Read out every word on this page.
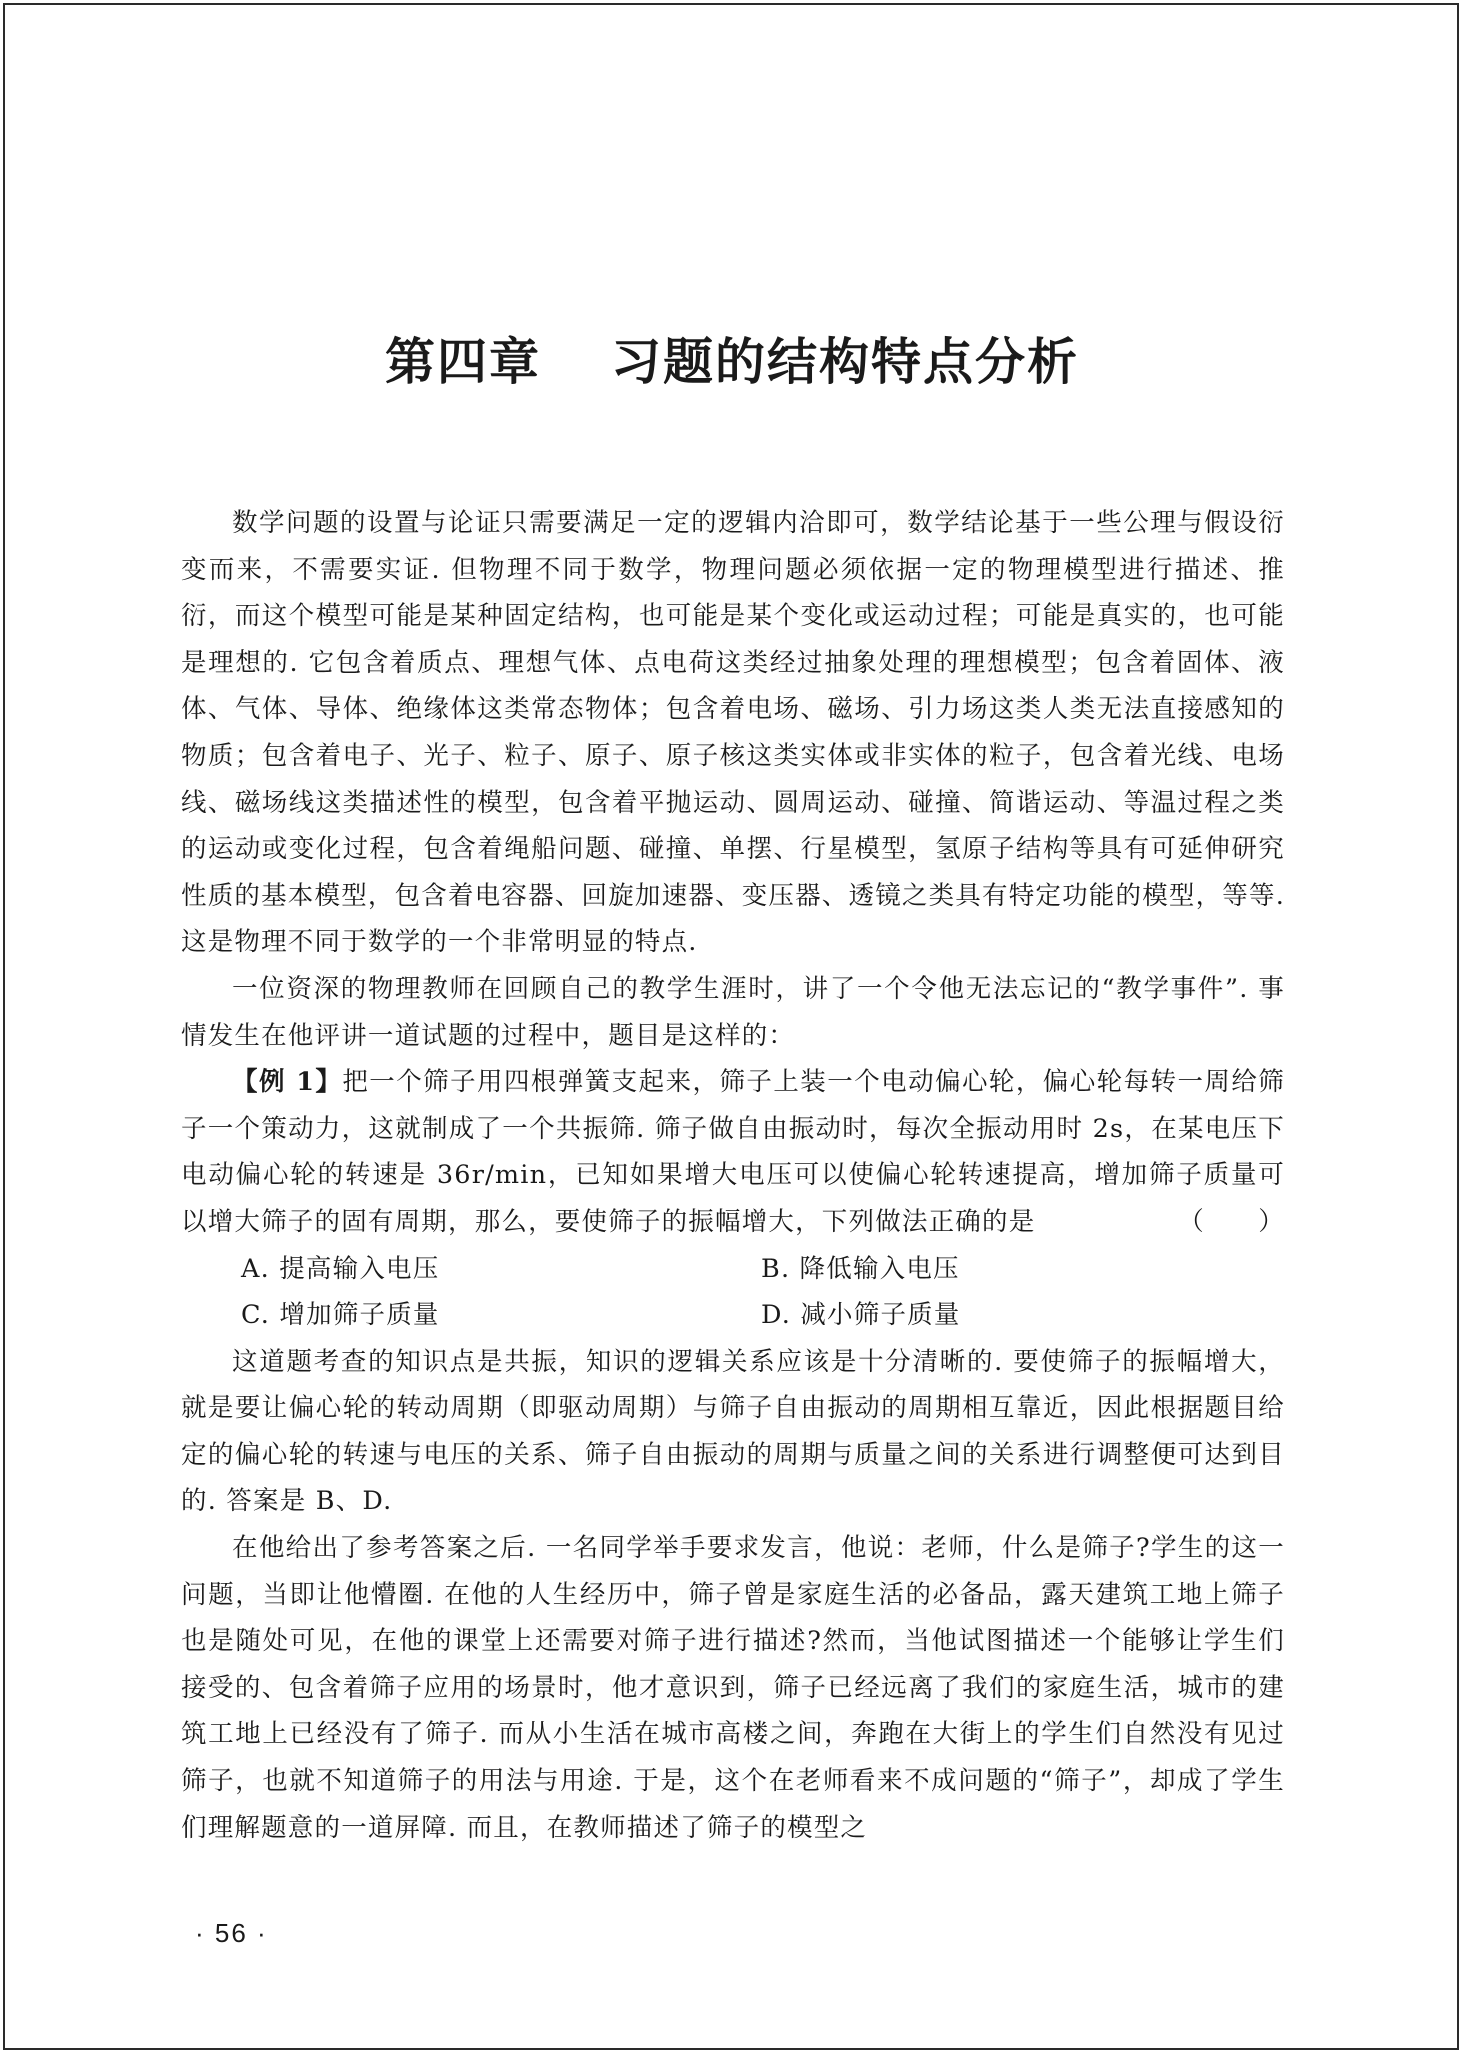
第四章 习题的结构特点分析

数学问题的设置与论证只需要满足一定的逻辑内洽即可，数学结论基于一些公理与假设衍变而来，不需要实证. 但物理不同于数学，物理问题必须依据一定的物理模型进行描述、推衍，而这个模型可能是某种固定结构，也可能是某个变化或运动过程；可能是真实的，也可能是理想的. 它包含着质点、理想气体、点电荷这类经过抽象处理的理想模型；包含着固体、液体、气体、导体、绝缘体这类常态物体；包含着电场、磁场、引力场这类人类无法直接感知的物质；包含着电子、光子、粒子、原子、原子核这类实体或非实体的粒子，包含着光线、电场线、磁场线这类描述性的模型，包含着平抛运动、圆周运动、碰撞、简谐运动、等温过程之类的运动或变化过程，包含着绳船问题、碰撞、单摆、行星模型，氢原子结构等具有可延伸研究性质的基本模型，包含着电容器、回旋加速器、变压器、透镜之类具有特定功能的模型，等等. 这是物理不同于数学的一个非常明显的特点.

一位资深的物理教师在回顾自己的教学生涯时，讲了一个令他无法忘记的“教学事件”. 事情发生在他评讲一道试题的过程中，题目是这样的：

【例 1】把一个筛子用四根弹簧支起来，筛子上装一个电动偏心轮，偏心轮每转一周给筛子一个策动力，这就制成了一个共振筛. 筛子做自由振动时，每次全振动用时 2s，在某电压下电动偏心轮的转速是 36r/min，已知如果增大电压可以使偏心轮转速提高，增加筛子质量可以增大筛子的固有周期，那么，要使筛子的振幅增大，下列做法正确的是	（　　）

A. 提高输入电压	B. 降低输入电压
C. 增加筛子质量	D. 减小筛子质量

这道题考查的知识点是共振，知识的逻辑关系应该是十分清晰的. 要使筛子的振幅增大，就是要让偏心轮的转动周期（即驱动周期）与筛子自由振动的周期相互靠近，因此根据题目给定的偏心轮的转速与电压的关系、筛子自由振动的周期与质量之间的关系进行调整便可达到目的. 答案是 B、D.

在他给出了参考答案之后. 一名同学举手要求发言，他说：老师，什么是筛子?学生的这一问题，当即让他懵圈. 在他的人生经历中，筛子曾是家庭生活的必备品，露天建筑工地上筛子也是随处可见，在他的课堂上还需要对筛子进行描述?然而，当他试图描述一个能够让学生们接受的、包含着筛子应用的场景时，他才意识到，筛子已经远离了我们的家庭生活，城市的建筑工地上已经没有了筛子. 而从小生活在城市高楼之间，奔跑在大街上的学生们自然没有见过筛子，也就不知道筛子的用法与用途. 于是，这个在老师看来不成问题的“筛子”，却成了学生们理解题意的一道屏障. 而且，在教师描述了筛子的模型之

· 56 ·
